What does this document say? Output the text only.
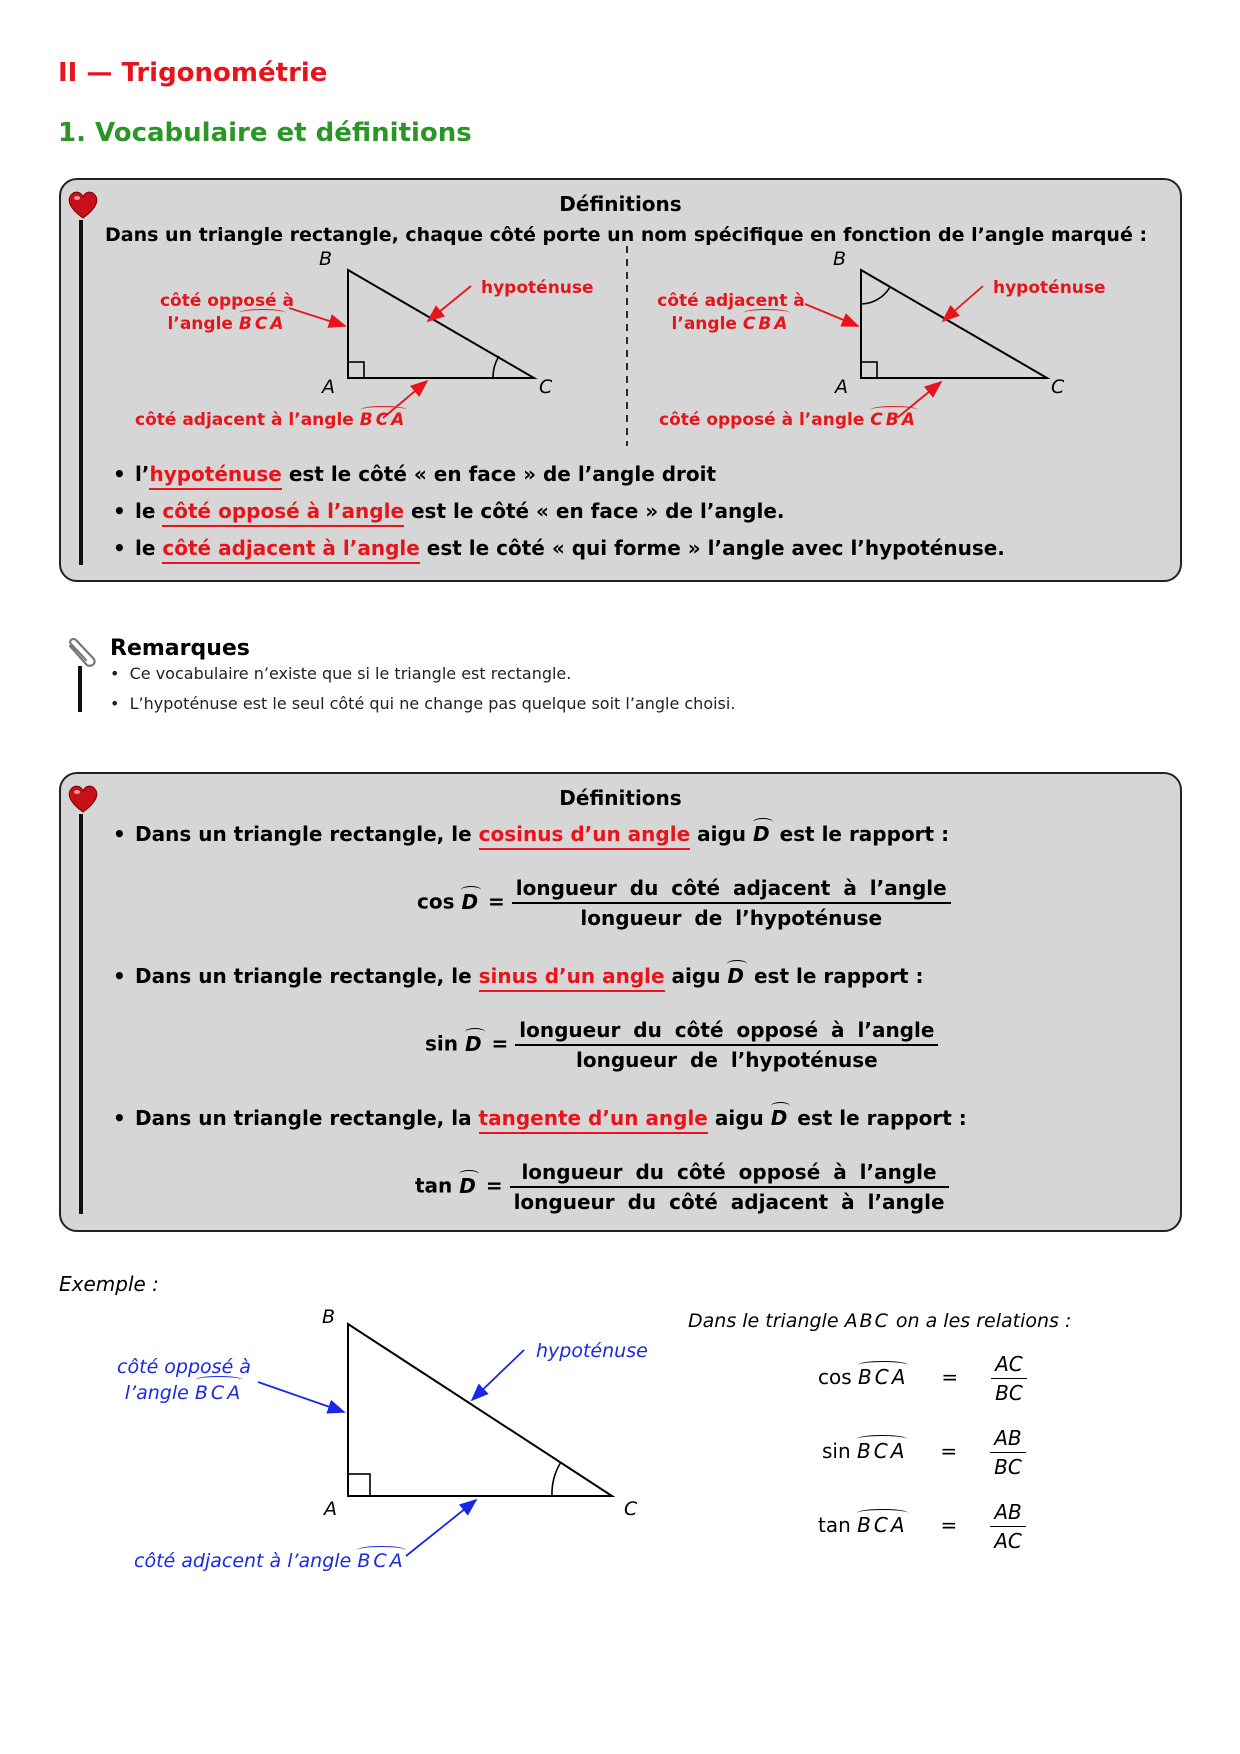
II — Trigonométrie
1. Vocabulaire et définitions
Définitions
Dans un triangle rectangle, chaque côté porte un nom spécifique en fonction de l’angle marqué :
B
A	C
côté opposé à
l’angle BCA
hypoténuse
côté adjacent à l’angle BCA
B
A	C
côté adjacent à
l’angle CBA
hypoténuse
côté opposé à l’angle CBA
• l’hypoténuse est le côté « en face » de l’angle droit
• le côté opposé à l’angle est le côté « en face » de l’angle.
• le côté adjacent à l’angle est le côté « qui forme » l’angle avec l’hypoténuse.
Remarques
•  Ce vocabulaire n’existe que si le triangle est rectangle.
•  L’hypoténuse est le seul côté qui ne change pas quelque soit l’angle choisi.
Définitions
• Dans un triangle rectangle, le cosinus d’un angle aigu D est le rapport :
$\cos D = \frac{\text{longueur du côté adjacent à l’angle}}{\text{longueur de l’hypoténuse}}$
• Dans un triangle rectangle, le sinus d’un angle aigu D est le rapport :
$\sin D = \frac{\text{longueur du côté opposé à l’angle}}{\text{longueur de l’hypoténuse}}$
• Dans un triangle rectangle, la tangente d’un angle aigu D est le rapport :
$\tan D = \frac{\text{longueur du côté opposé à l’angle}}{\text{longueur du côté adjacent à l’angle}}$
Exemple :
B
A	C
côté opposé à
l’angle BCA
hypoténuse
côté adjacent à l’angle BCA
Dans le triangle ABC on a les relations :
cos BCA = $\frac{AC}{BC}$
sin BCA = $\frac{AB}{BC}$
tan BCA = $\frac{AB}{AC}$
